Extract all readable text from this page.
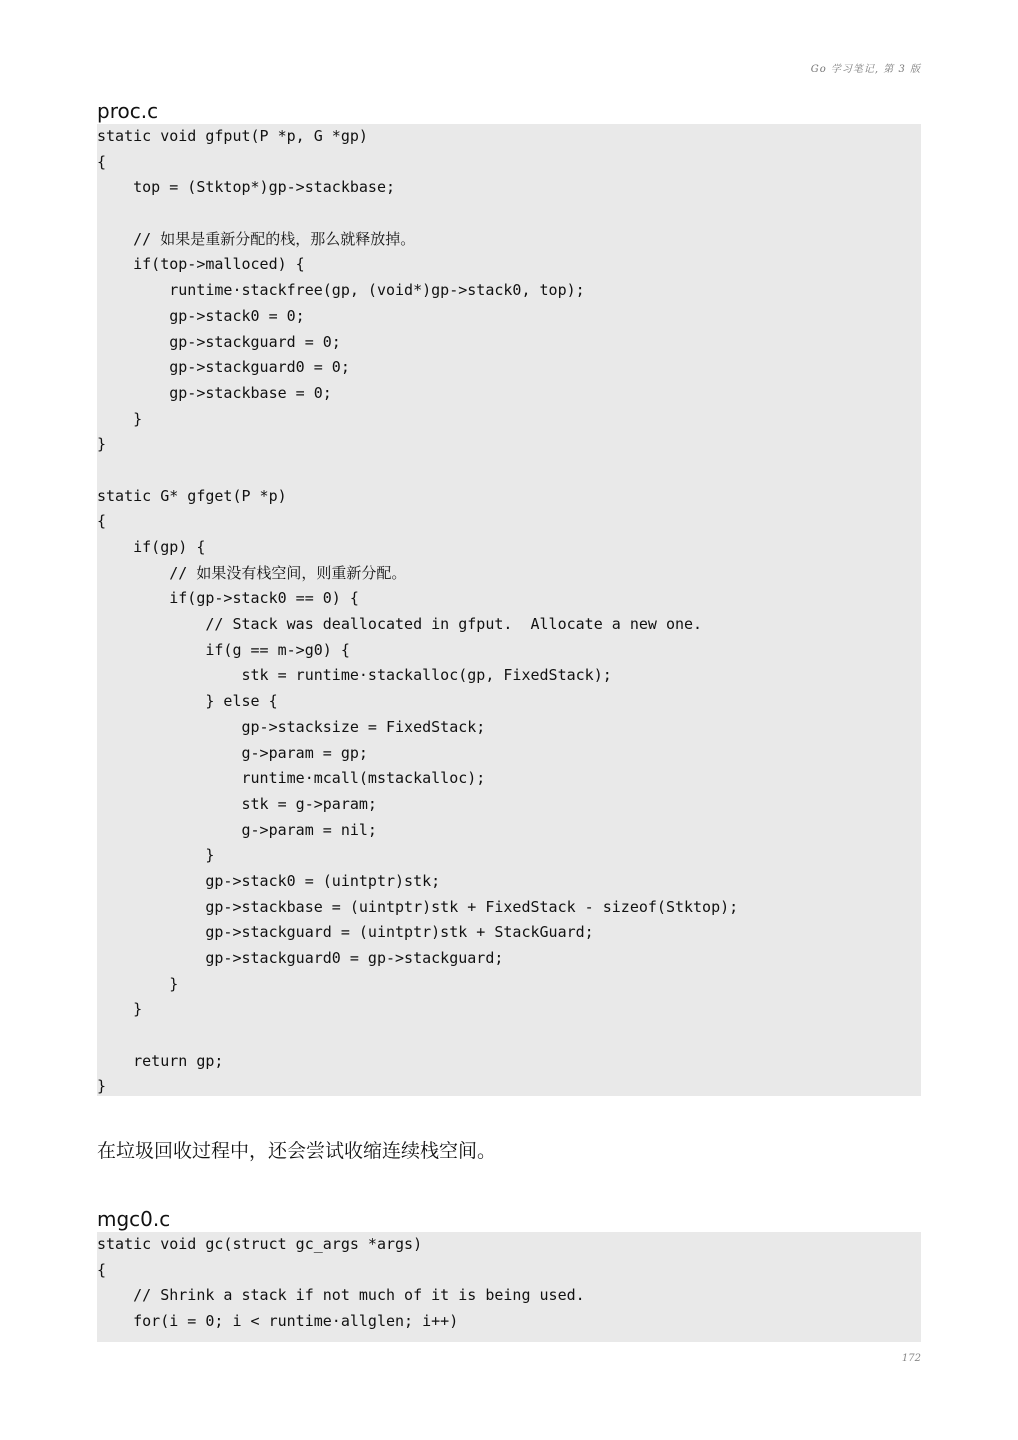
Go 学习笔记, 第 3 版
proc.c
static void gfput(P *p, G *gp)
{
top = (Stktop*)gp->stackbase;
// 如果是重新分配的栈，那么就释放掉。
if(top->malloced) {
runtime·stackfree(gp, (void*)gp->stack0, top);
gp->stack0 = 0;
gp->stackguard = 0;
gp->stackguard0 = 0;
gp->stackbase = 0;
}
}
static G* gfget(P *p)
{
if(gp) {
// 如果没有栈空间，则重新分配。
if(gp->stack0 == 0) {
// Stack was deallocated in gfput.  Allocate a new one.
if(g == m->g0) {
stk = runtime·stackalloc(gp, FixedStack);
} else {
gp->stacksize = FixedStack;
g->param = gp;
runtime·mcall(mstackalloc);
stk = g->param;
g->param = nil;
}
gp->stack0 = (uintptr)stk;
gp->stackbase = (uintptr)stk + FixedStack - sizeof(Stktop);
gp->stackguard = (uintptr)stk + StackGuard;
gp->stackguard0 = gp->stackguard;
}
}
return gp;
}
在垃圾回收过程中，还会尝试收缩连续栈空间。
mgc0.c
static void gc(struct gc_args *args)
{
// Shrink a stack if not much of it is being used.
for(i = 0; i < runtime·allglen; i++)
172
